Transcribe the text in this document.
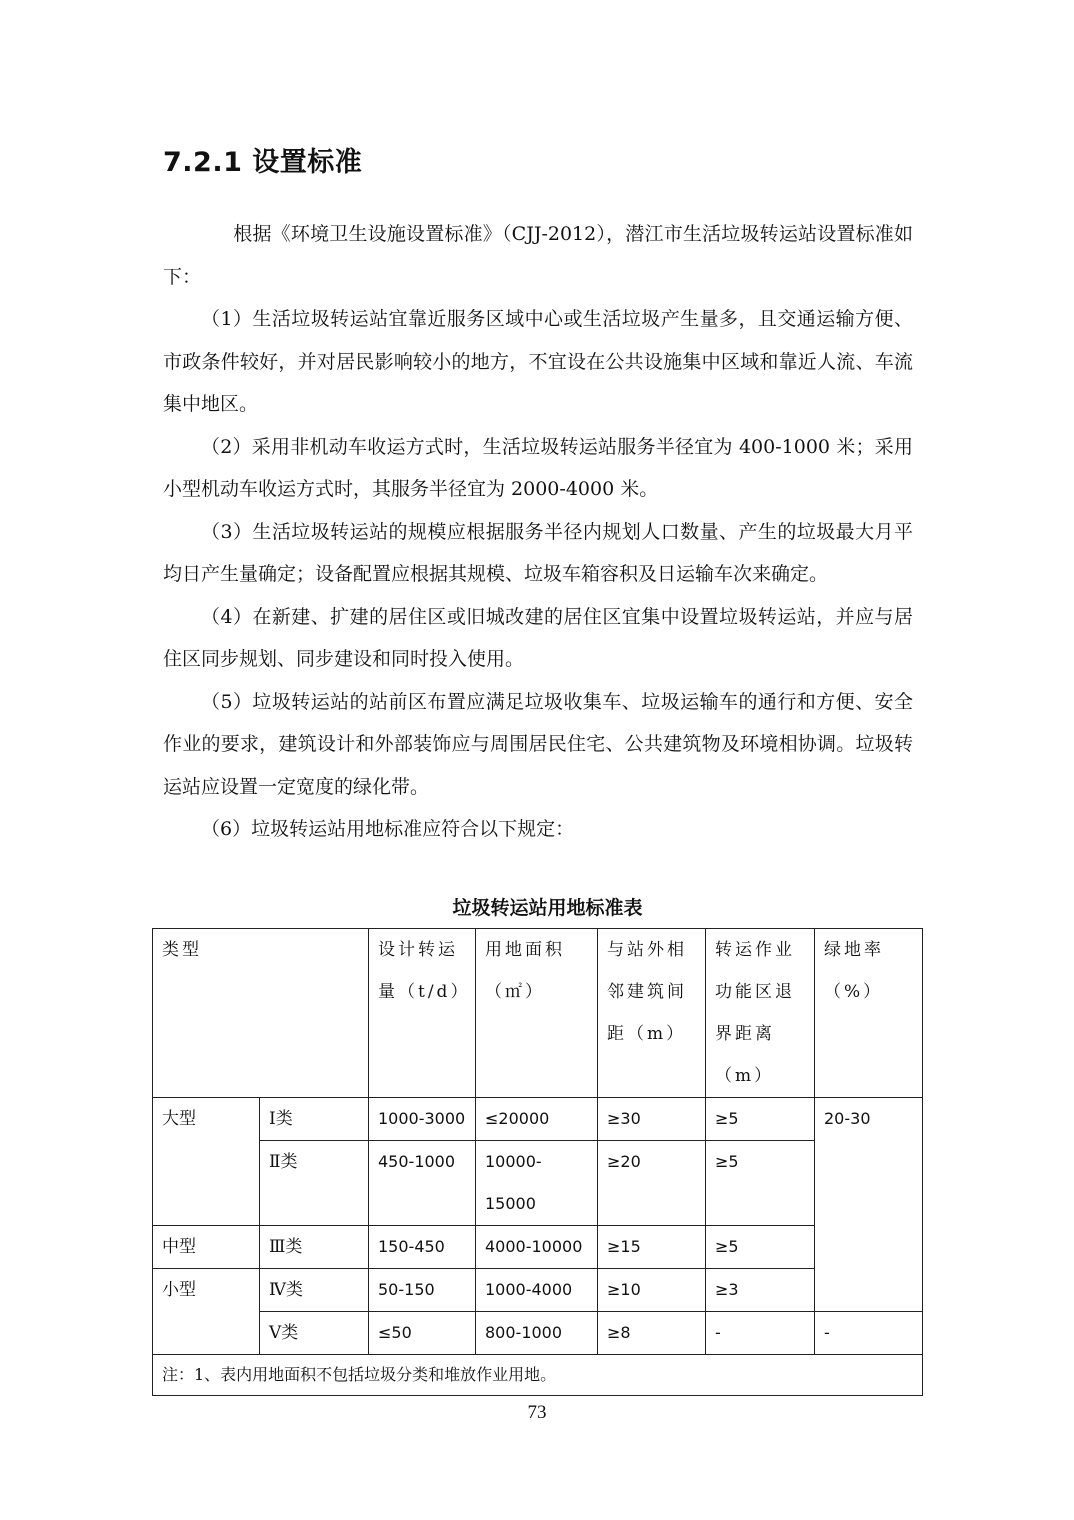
7.2.1 设置标准

根据《环境卫生设施设置标准》（CJJ-2012），潜江市生活垃圾转运站设置标准如下：

（1）生活垃圾转运站宜靠近服务区域中心或生活垃圾产生量多，且交通运输方便、市政条件较好，并对居民影响较小的地方，不宜设在公共设施集中区域和靠近人流、车流集中地区。

（2）采用非机动车收运方式时，生活垃圾转运站服务半径宜为 400-1000 米；采用小型机动车收运方式时，其服务半径宜为 2000-4000 米。

（3）生活垃圾转运站的规模应根据服务半径内规划人口数量、产生的垃圾最大月平均日产生量确定；设备配置应根据其规模、垃圾车箱容积及日运输车次来确定。

（4）在新建、扩建的居住区或旧城改建的居住区宜集中设置垃圾转运站，并应与居住区同步规划、同步建设和同时投入使用。

（5）垃圾转运站的站前区布置应满足垃圾收集车、垃圾运输车的通行和方便、安全作业的要求，建筑设计和外部装饰应与周围居民住宅、公共建筑物及环境相协调。垃圾转运站应设置一定宽度的绿化带。

（6）垃圾转运站用地标准应符合以下规定：

垃圾转运站用地标准表
类型		设计转运量（t/d）	用地面积（㎡）	与站外相邻建筑间距（m）	转运作业功能区退界距离（m）	绿地率（%）
大型	Ⅰ类	1000-3000	≤20000	≥30	≥5	20-30
	Ⅱ类	450-1000	10000-15000	≥20	≥5	
中型	Ⅲ类	150-450	4000-10000	≥15	≥5	
小型	Ⅳ类	50-150	1000-4000	≥10	≥3	
	Ⅴ类	≤50	800-1000	≥8	-	-
注：1、表内用地面积不包括垃圾分类和堆放作业用地。						
73
